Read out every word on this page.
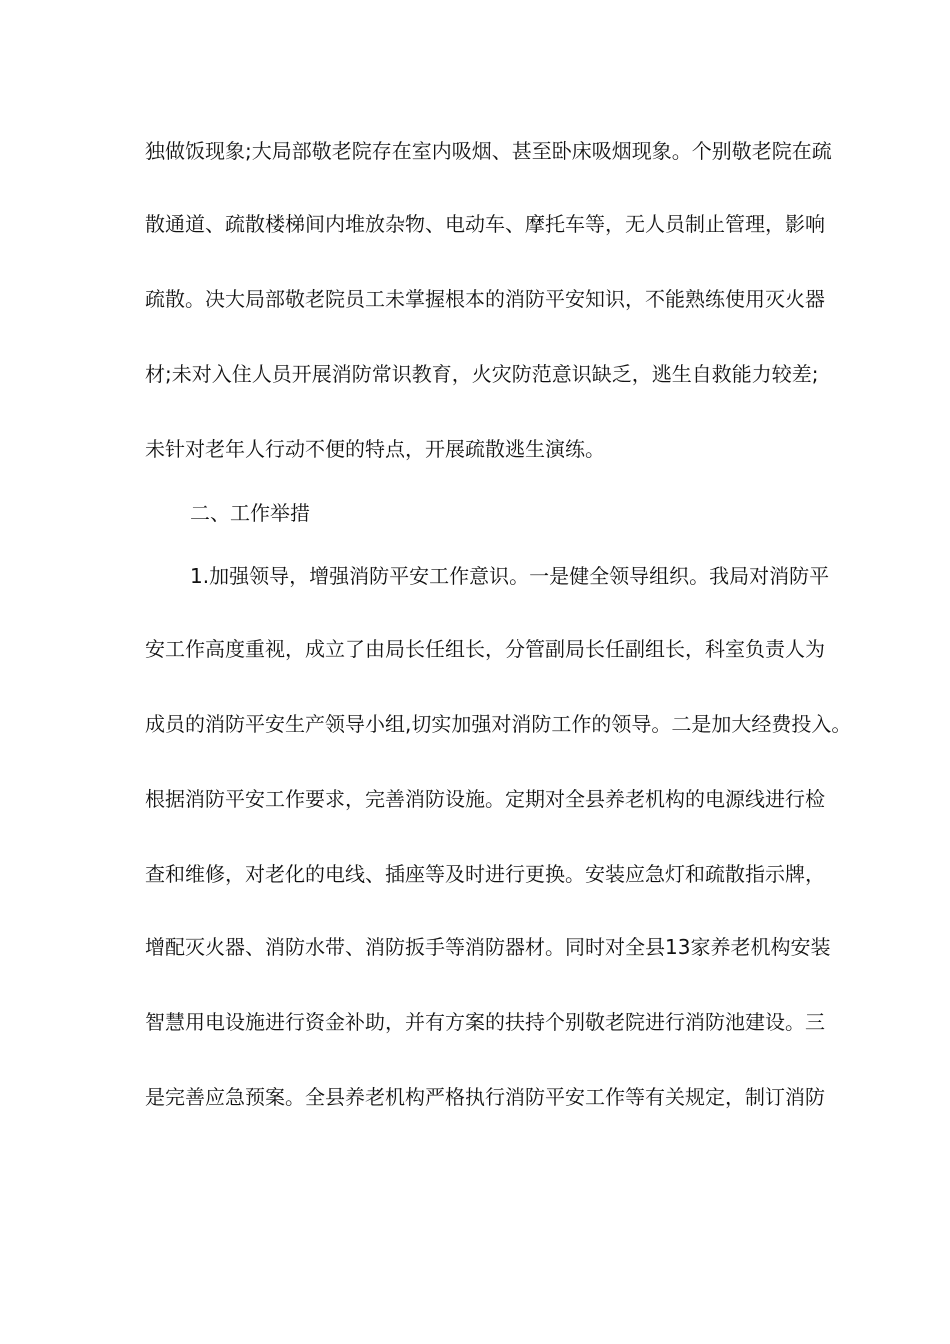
独做饭现象;大局部敬老院存在室内吸烟、甚至卧床吸烟现象。个别敬老院在疏
散通道、疏散楼梯间内堆放杂物、电动车、摩托车等，无人员制止管理，影响
疏散。决大局部敬老院员工未掌握根本的消防平安知识，不能熟练使用灭火器
材;未对入住人员开展消防常识教育，火灾防范意识缺乏，逃生自救能力较差;
未针对老年人行动不便的特点，开展疏散逃生演练。
二、工作举措
1.加强领导，增强消防平安工作意识。一是健全领导组织。我局对消防平
安工作高度重视，成立了由局长任组长，分管副局长任副组长，科室负责人为
成员的消防平安生产领导小组,切实加强对消防工作的领导。二是加大经费投入。
根据消防平安工作要求，完善消防设施。定期对全县养老机构的电源线进行检
查和维修，对老化的电线、插座等及时进行更换。安装应急灯和疏散指示牌，
增配灭火器、消防水带、消防扳手等消防器材。同时对全县13家养老机构安装
智慧用电设施进行资金补助，并有方案的扶持个别敬老院进行消防池建设。三
是完善应急预案。全县养老机构严格执行消防平安工作等有关规定，制订消防
